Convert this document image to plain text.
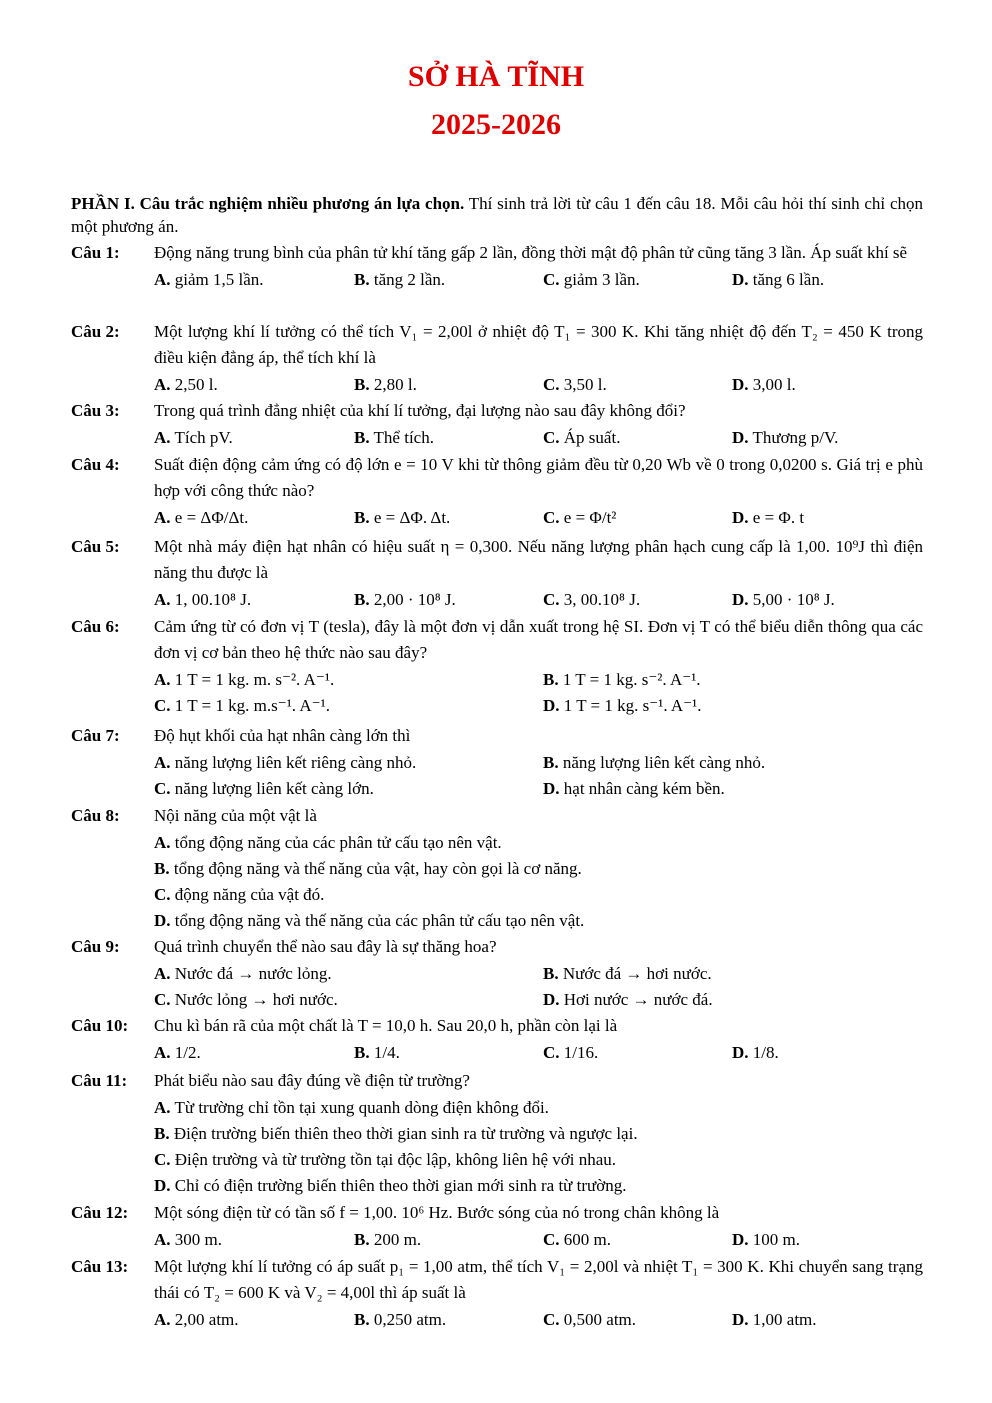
SỞ HÀ TĨNH
2025-2026
PHẦN I. Câu trắc nghiệm nhiều phương án lựa chọn. Thí sinh trả lời từ câu 1 đến câu 18. Mỗi câu hỏi thí sinh chỉ chọn một phương án.
Câu 1: Động năng trung bình của phân tử khí tăng gấp 2 lần, đồng thời mật độ phân tử cũng tăng 3 lần. Áp suất khí sẽ
A. giảm 1,5 lần.	B. tăng 2 lần.	C. giảm 3 lần.	D. tăng 6 lần.
Câu 2: Một lượng khí lí tưởng có thể tích V₁ = 2,00l ở nhiệt độ T₁ = 300 K. Khi tăng nhiệt độ đến T₂ = 450 K trong điều kiện đẳng áp, thể tích khí là
A. 2,50 l.	B. 2,80 l.	C. 3,50 l.	D. 3,00 l.
Câu 3: Trong quá trình đẳng nhiệt của khí lí tưởng, đại lượng nào sau đây không đổi?
A. Tích pV.	B. Thể tích.	C. Áp suất.	D. Thương p/V.
Câu 4: Suất điện động cảm ứng có độ lớn e = 10 V khi từ thông giảm đều từ 0,20 Wb về 0 trong 0,0200 s. Giá trị e phù hợp với công thức nào?
A. e = ΔΦ/Δt.	B. e = ΔΦ. Δt.	C. e = Φ/t²	D. e = Φ. t
Câu 5: Một nhà máy điện hạt nhân có hiệu suất η = 0,300. Nếu năng lượng phân hạch cung cấp là 1,00. 10⁹J thì điện năng thu được là
A. 1, 00.10⁸ J.	B. 2,00 · 10⁸ J.	C. 3, 00.10⁸ J.	D. 5,00 · 10⁸ J.
Câu 6: Cảm ứng từ có đơn vị T (tesla), đây là một đơn vị dẫn xuất trong hệ SI. Đơn vị T có thể biểu diễn thông qua các đơn vị cơ bản theo hệ thức nào sau đây?
A. 1 T = 1 kg. m. s⁻². A⁻¹.	B. 1 T = 1 kg. s⁻². A⁻¹.
C. 1 T = 1 kg. m.s⁻¹. A⁻¹.	D. 1 T = 1 kg. s⁻¹. A⁻¹.
Câu 7: Độ hụt khối của hạt nhân càng lớn thì
A. năng lượng liên kết riêng càng nhỏ.	B. năng lượng liên kết càng nhỏ.
C. năng lượng liên kết càng lớn.	D. hạt nhân càng kém bền.
Câu 8: Nội năng của một vật là
A. tổng động năng của các phân tử cấu tạo nên vật.
B. tổng động năng và thế năng của vật, hay còn gọi là cơ năng.
C. động năng của vật đó.
D. tổng động năng và thế năng của các phân tử cấu tạo nên vật.
Câu 9: Quá trình chuyển thể nào sau đây là sự thăng hoa?
A. Nước đá → nước lỏng.	B. Nước đá → hơi nước.
C. Nước lỏng → hơi nước.	D. Hơi nước → nước đá.
Câu 10: Chu kì bán rã của một chất là T = 10,0 h. Sau 20,0 h, phần còn lại là
A. 1/2.	B. 1/4.	C. 1/16.	D. 1/8.
Câu 11: Phát biểu nào sau đây đúng về điện từ trường?
A. Từ trường chỉ tồn tại xung quanh dòng điện không đổi.
B. Điện trường biến thiên theo thời gian sinh ra từ trường và ngược lại.
C. Điện trường và từ trường tồn tại độc lập, không liên hệ với nhau.
D. Chỉ có điện trường biến thiên theo thời gian mới sinh ra từ trường.
Câu 12: Một sóng điện từ có tần số f = 1,00. 10⁶ Hz. Bước sóng của nó trong chân không là
A. 300 m.	B. 200 m.	C. 600 m.	D. 100 m.
Câu 13: Một lượng khí lí tưởng có áp suất p₁ = 1,00 atm, thể tích V₁ = 2,00l và nhiệt T₁ = 300 K. Khi chuyển sang trạng thái có T₂ = 600 K và V₂ = 4,00l thì áp suất là
A. 2,00 atm.	B. 0,250 atm.	C. 0,500 atm.	D. 1,00 atm.
